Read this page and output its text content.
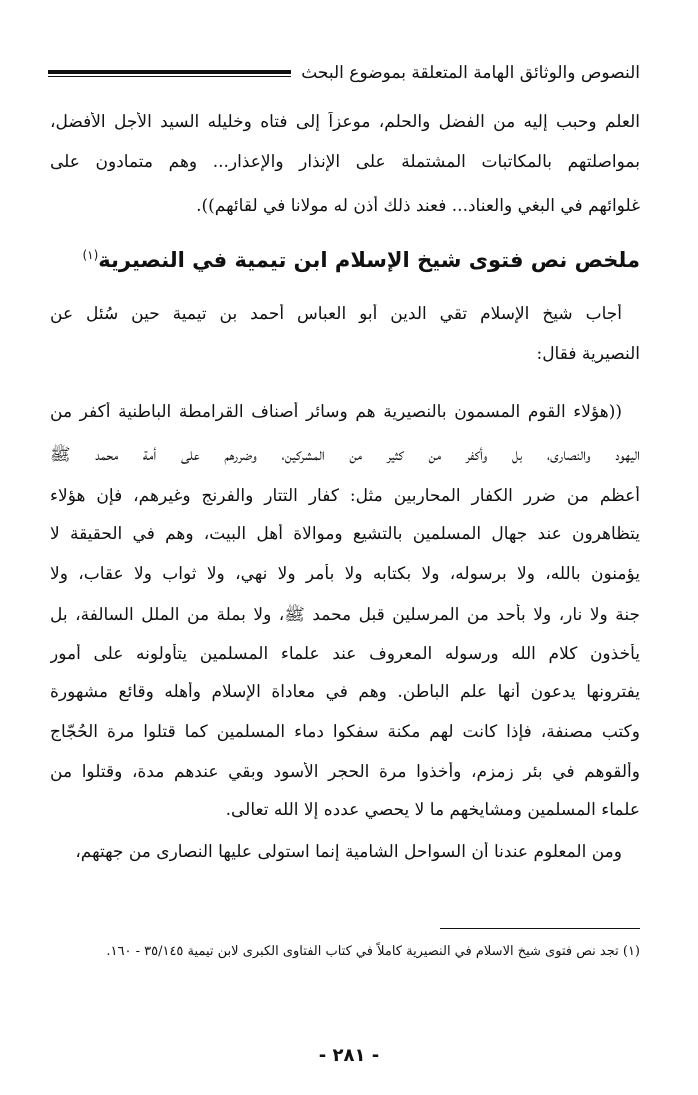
النصوص والوثائق الهامة المتعلقة بموضوع البحث
العلم وحبب إليه من الفضل والحلم، موعزاً إلى فتاه وخليله السيد الأجل الأفضل،
بمواصلتهم بالمكاتبات المشتملة على الإنذار والإعذار... وهم متمادون على
غلوائهم في البغي والعناد... فعند ذلك أذن له مولانا في لقائهم)).
ملخص نص فتوى شيخ الإسلام ابن تيمية في النصيرية$^{(١)}$
أجاب شيخ الإسلام تقي الدين أبو العباس أحمد بن تيمية حين سُئل عن
النصيرية فقال:
((هؤلاء القوم المسمون بالنصيرية هم وسائر أصناف القرامطة الباطنية أكفر من
اليهود والنصارى، بل وأكفر من كثير من المشركين، وضررهم على أمة محمد ﷺ
أعظم من ضرر الكفار المحاربين مثل: كفار التتار والفرنج وغيرهم، فإن هؤلاء
يتظاهرون عند جهال المسلمين بالتشيع وموالاة أهل البيت، وهم في الحقيقة لا
يؤمنون بالله، ولا برسوله، ولا بكتابه ولا بأمر ولا نهي، ولا ثواب ولا عقاب، ولا
جنة ولا نار، ولا بأحد من المرسلين قبل محمد ﷺ، ولا بملة من الملل السالفة، بل
يأخذون كلام الله ورسوله المعروف عند علماء المسلمين يتأولونه على أمور
يفترونها يدعون أنها علم الباطن. وهم في معاداة الإسلام وأهله وقائع مشهورة
وكتب مصنفة، فإذا كانت لهم مكنة سفكوا دماء المسلمين كما قتلوا مرة الحُجّاج
وألقوهم في بئر زمزم، وأخذوا مرة الحجر الأسود وبقي عندهم مدة، وقتلوا من
علماء المسلمين ومشايخهم ما لا يحصي عدده إلا الله تعالى.
ومن المعلوم عندنا أن السواحل الشامية إنما استولى عليها النصارى من جهتهم،
(١) تجد نص فتوى شيخ الاسلام في النصيرية كاملاً في كتاب الفتاوى الكبرى لابن تيمية ٣٥/١٤٥ - ١٦٠.
- ٢٨١ -
